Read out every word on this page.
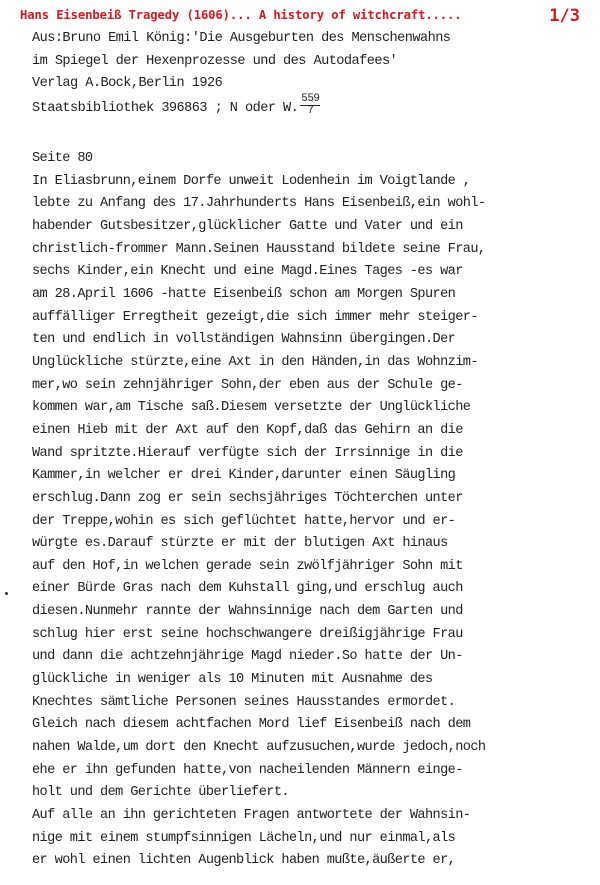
Hans Eisenbeiß Tragedy (1606)... A history of witchcraft.....	1/3
Aus:Bruno Emil König:'Die Ausgeburten des Menschenwahns
im Spiegel der Hexenprozesse und des Autodafees'
Verlag A.Bock,Berlin 1926
Staatsbibliothek 396863 ; N oder W. $\frac{559}{7}$
Seite 80
In Eliasbrunn,einem Dorfe unweit Lodenhein im Voigtlande ,
lebte zu Anfang des 17.Jahrhunderts Hans Eisenbeiß,ein wohl-
habender Gutsbesitzer,glücklicher Gatte und Vater und ein
christlich-frommer Mann.Seinen Hausstand bildete seine Frau,
sechs Kinder,ein Knecht und eine Magd.Eines Tages -es war
am 28.April 1606 -hatte Eisenbeiß schon am Morgen Spuren
auffälliger Erregtheit gezeigt,die sich immer mehr steiger-
ten und endlich in vollständigen Wahnsinn übergingen.Der
Unglückliche stürzte,eine Axt in den Händen,in das Wohnzim-
mer,wo sein zehnjähriger Sohn,der eben aus der Schule ge-
kommen war,am Tische saß.Diesem versetzte der Unglückliche
einen Hieb mit der Axt auf den Kopf,daß das Gehirn an die
Wand spritzte.Hierauf verfügte sich der Irrsinnige in die
Kammer,in welcher er drei Kinder,darunter einen Säugling
erschlug.Dann zog er sein sechsjähriges Töchterchen unter
der Treppe,wohin es sich geflüchtet hatte,hervor und er-
würgte es.Darauf stürzte er mit der blutigen Axt hinaus
auf den Hof,in welchen gerade sein zwölfjähriger Sohn mit
einer Bürde Gras nach dem Kuhstall ging,und erschlug auch
diesen.Nunmehr rannte der Wahnsinnige nach dem Garten und
schlug hier erst seine hochschwangere dreißigjährige Frau
und dann die achtzehnjährige Magd nieder.So hatte der Un-
glückliche in weniger als 10 Minuten mit Ausnahme des
Knechtes sämtliche Personen seines Hausstandes ermordet.
Gleich nach diesem achtfachen Mord lief Eisenbeiß nach dem
nahen Walde,um dort den Knecht aufzusuchen,wurde jedoch,noch
ehe er ihn gefunden hatte,von nacheilenden Männern einge-
holt und dem Gerichte überliefert.
Auf alle an ihn gerichteten Fragen antwortete der Wahnsin-
nige mit einem stumpfsinnigen Lächeln,und nur einmal,als
er wohl einen lichten Augenblick haben mußte,äußerte er,
